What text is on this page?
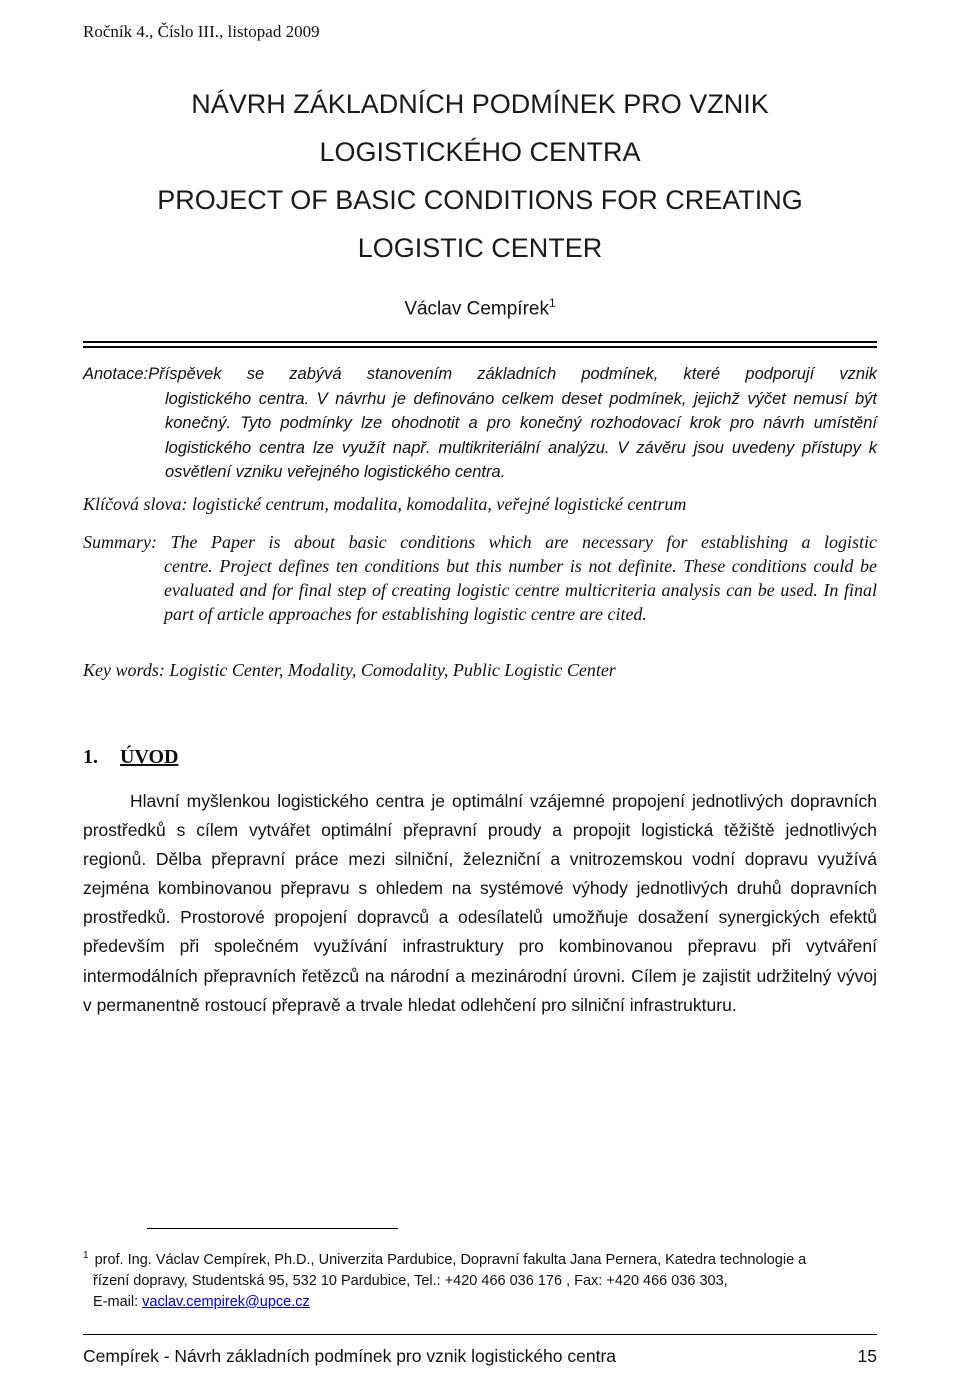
Ročník 4., Číslo III., listopad 2009
NÁVRH ZÁKLADNÍCH PODMÍNEK PRO VZNIK
LOGISTICKÉHO CENTRA
PROJECT OF BASIC CONDITIONS FOR CREATING
LOGISTIC CENTER
Václav Cempírek$^1$
Anotace:Příspěvek se zabývá stanovením základních podmínek, které podporují vznik
logistického centra. V návrhu je definováno celkem deset podmínek, jejichž výčet nemusí být konečný. Tyto podmínky lze ohodnotit a pro konečný rozhodovací krok pro návrh umístění logistického centra lze využít např. multikriteriální analýzu. V závěru jsou uvedeny přístupy k osvětlení vzniku veřejného logistického centra.
Klíčová slova: logistické centrum, modalita, komodalita, veřejné logistické centrum
Summary: The Paper is about basic conditions which are necessary for establishing a logistic
centre. Project defines ten conditions but this number is not definite. These conditions could be evaluated and for final step of creating logistic centre multicriteria analysis can be used. In final part of article approaches for establishing logistic centre are cited.
Key words: Logistic Center, Modality, Comodality, Public Logistic Center
1. ÚVOD
Hlavní myšlenkou logistického centra je optimální vzájemné propojení jednotlivých dopravních prostředků s cílem vytvářet optimální přepravní proudy a propojit logistická těžiště jednotlivých regionů. Dělba přepravní práce mezi silniční, železniční a vnitrozemskou vodní dopravu využívá zejména kombinovanou přepravu s ohledem na systémové výhody jednotlivých druhů dopravních prostředků. Prostorové propojení dopravců a odesílatelů umožňuje dosažení synergických efektů především při společném využívání infrastruktury pro kombinovanou přepravu při vytváření intermodálních přepravních řetězců na národní a mezinárodní úrovni. Cílem je zajistit udržitelný vývoj v permanentně rostoucí přepravě a trvale hledat odlehčení pro silniční infrastrukturu.
$^1$ prof. Ing. Václav Cempírek, Ph.D., Univerzita Pardubice, Dopravní fakulta Jana Pernera, Katedra technologie a
řízení dopravy, Studentská 95, 532 10 Pardubice, Tel.: +420 466 036 176 , Fax: +420 466 036 303,
E-mail: vaclav.cempirek@upce.cz
Cempírek - Návrh základních podmínek pro vznik logistického centra	15
